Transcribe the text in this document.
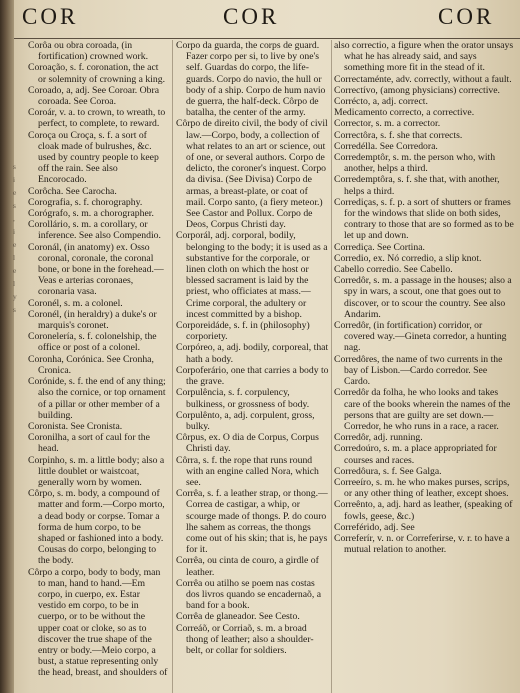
s
i
e
s
,
i
e
l
e
l
y
s
COR	COR	COR

Corôa ou obra coroada, (in fortification) crowned work.

Coroação, s. f. coronation, the act or solemnity of crowning a king.

Coroado, a, adj. See Coroar. Obra coroada. See Coroa.

Coroár, v. a. to crown, to wreath, to perfect, to complete, to reward.

Coroça ou Croça, s. f. a sort of cloak made of bulrushes, &c. used by country people to keep off the rain. See also Encorocado.

Corôcha. See Carocha.

Corografia, s. f. chorography.

Corógrafo, s. m. a chorographer.

Corollário, s. m. a corollary, or inference. See also Compendio.

Coronál, (in anatomy) ex. Osso coronal, coronale, the coronal bone, or bone in the forehead.—Veas e arterias coronaes, coronaria vasa.

Coronél, s. m. a colonel.

Coronél, (in heraldry) a duke's or marquis's coronet.

Coronelería, s. f. colonelship, the office or post of a colonel.

Coronha, Corónica. See Cronha, Cronica.

Corónide, s. f. the end of any thing; also the cornice, or top ornament of a pillar or other member of a building.

Coronista. See Cronista.

Coronilha, a sort of caul for the head.

Corpinho, s. m. a little body; also a little doublet or waistcoat, generally worn by women.

Côrpo, s. m. body, a compound of matter and form.—Corpo morto, a dead body or corpse. Tomar a forma de hum corpo, to be shaped or fashioned into a body. Cousas do corpo, belonging to the body.

Côrpo a corpo, body to body, man to man, hand to hand.—Em corpo, in cuerpo, ex. Estar vestido em corpo, to be in cuerpo, or to be without the upper coat or cloke, so as to discover the true shape of the entry or body.—Meio corpo, a bust, a statue representing only the head, breast, and shoulders of

Corpo da guarda, the corps de guard. Fazer corpo per si, to live by one's self. Guardas do corpo, the life-guards. Corpo do navio, the hull or body of a ship. Corpo de hum navio de guerra, the half-deck. Côrpo de batalha, the center of the army.

Côrpo de direito civil, the body of civil law.—Corpo, body, a collection of what relates to an art or science, out of one, or several authors. Corpo de delicto, the coroner's inquest. Corpo da divisa. (See Divisa) Corpo de armas, a breast-plate, or coat of mail. Corpo santo, (a fiery meteor.) See Castor and Pollux. Corpo de Deos, Corpus Christi day.

Corporál, adj. corporal, bodily, belonging to the body; it is used as a substantive for the corporale, or linen cloth on which the host or blessed sacrament is laid by the priest, who officiates at mass.—Crime corporal, the adultery or incest committed by a bishop.

Corporeidáde, s. f. in (philosophy) corporiety.

Corpóreo, a, adj. bodily, corporeal, that hath a body.

Corpoferário, one that carries a body to the grave.

Corpulência, s. f. corpulency, bulkiness, or grossness of body.

Corpulênto, a, adj. corpulent, gross, bulky.

Côrpus, ex. O dia de Corpus, Corpus Christi day.

Côrra, s. f. the rope that runs round with an engine called Nora, which see.

Corrêa, s. f. a leather strap, or thong.—Correa de castigar, a whip, or scourge made of thongs. P. do couro lhe sahem as correas, the thongs come out of his skin; that is, he pays for it.

Corrêa, ou cinta de couro, a girdle of leather.

Corrêa ou atilho se poem nas costas dos livros quando se encadernaõ, a band for a book.

Corrêa de glaneador. See Cesto.

Correáõ, or Corriaõ, s. m. a broad thong of leather; also a shoulder-belt, or collar for soldiers.

also correctio, a figure when the orator unsays what he has already said, and says something more fit in the stead of it.

Correctaménte, adv. correctly, without a fault.

Correctívo, (among physicians) corrective.

Corrécto, a, adj. correct.

Medicamento correcto, a corrective.

Corrector, s. m. a corrector.

Correctôra, s. f. she that corrects.

Corredélla. See Corredora.

Corredemptôr, s. m. the person who, with another, helps a third.

Corredemptôra, s. f. she that, with another, helps a third.

Corrediças, s. f. p. a sort of shutters or frames for the windows that slide on both sides, contrary to those that are so formed as to be let up and down.

Corrediça. See Cortina.

Corredio, ex. Nó corredio, a slip knot.

Cabello corredio. See Cabello.

Corredôr, s. m. a passage in the houses; also a spy in wars, a scout, one that goes out to discover, or to scour the country. See also Andarim.

Corredôr, (in fortification) corridor, or covered way.—Gineta corredor, a hunting nag.

Corredôres, the name of two currents in the bay of Lisbon.—Cardo corredor. See Cardo.

Corredôr da folha, he who looks and takes care of the books wherein the names of the persons that are guilty are set down.—Corredor, he who runs in a race, a racer.

Corredôr, adj. running.

Corredoúro, s. m. a place appropriated for courses and races.

Corredôura, s. f. See Galga.

Correeíro, s. m. he who makes purses, scrips, or any other thing of leather, except shoes.

Correênto, a, adj. hard as leather, (speaking of fowls, geese, &c.)

Correférido, adj. See

Correferír, v. n. or Correferirse, v. r. to have a mutual relation to another.
